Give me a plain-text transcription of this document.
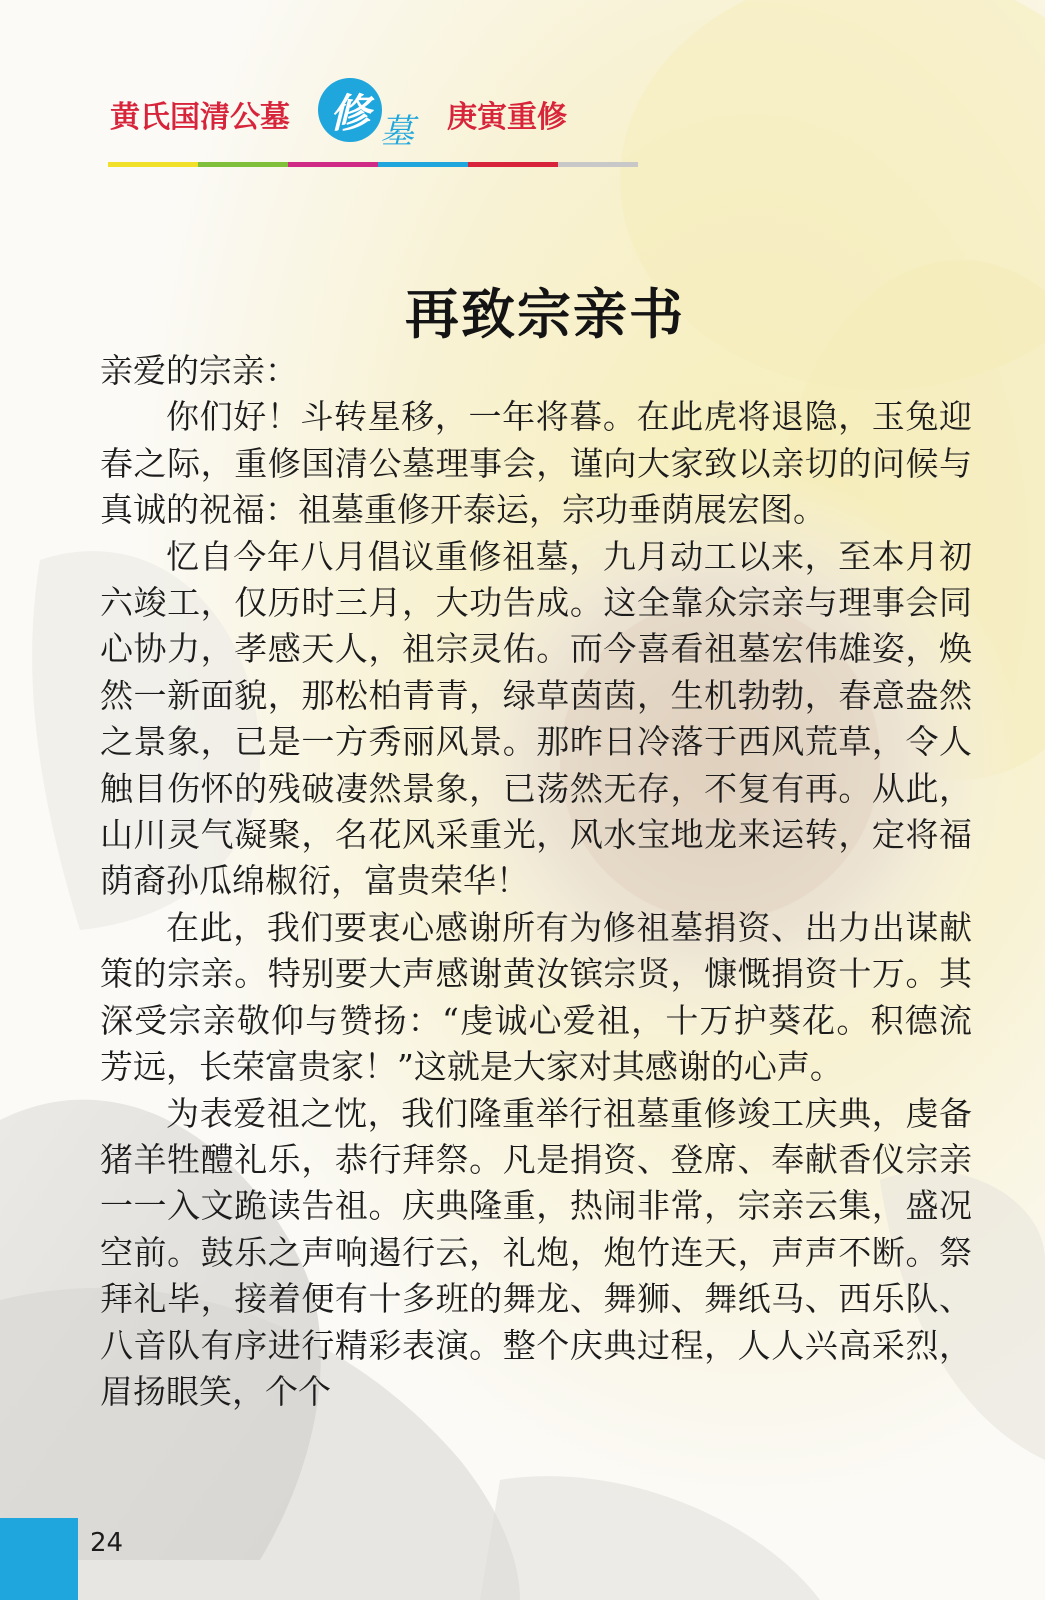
黄氏国清公墓	修 墓 庚寅重修
再致宗亲书

亲爱的宗亲：

你们好！斗转星移，一年将暮。在此虎将退隐，玉兔迎春之际，重修国清公墓理事会，谨向大家致以亲切的问候与真诚的祝福：祖墓重修开泰运，宗功垂荫展宏图。

忆自今年八月倡议重修祖墓，九月动工以来，至本月初六竣工，仅历时三月，大功告成。这全靠众宗亲与理事会同心协力，孝感天人，祖宗灵佑。而今喜看祖墓宏伟雄姿，焕然一新面貌，那松柏青青，绿草茵茵，生机勃勃，春意盎然之景象，已是一方秀丽风景。那昨日冷落于西风荒草，令人触目伤怀的残破凄然景象，已荡然无存，不复有再。从此，山川灵气凝聚，名花风采重光，风水宝地龙来运转，定将福荫裔孙瓜绵椒衍，富贵荣华！

在此，我们要衷心感谢所有为修祖墓捐资、出力出谋献策的宗亲。特别要大声感谢黄汝镔宗贤，慷慨捐资十万。其深受宗亲敬仰与赞扬：“虔诚心爱祖，十万护葵花。积德流芳远，长荣富贵家！”这就是大家对其感谢的心声。

为表爱祖之忱，我们隆重举行祖墓重修竣工庆典，虔备猪羊牲醴礼乐，恭行拜祭。凡是捐资、登席、奉献香仪宗亲一一入文跪读告祖。庆典隆重，热闹非常，宗亲云集，盛况空前。鼓乐之声响遏行云，礼炮，炮竹连天，声声不断。祭拜礼毕，接着便有十多班的舞龙、舞狮、舞纸马、西乐队、八音队有序进行精彩表演。整个庆典过程，人人兴高采烈，眉扬眼笑，个个

24
